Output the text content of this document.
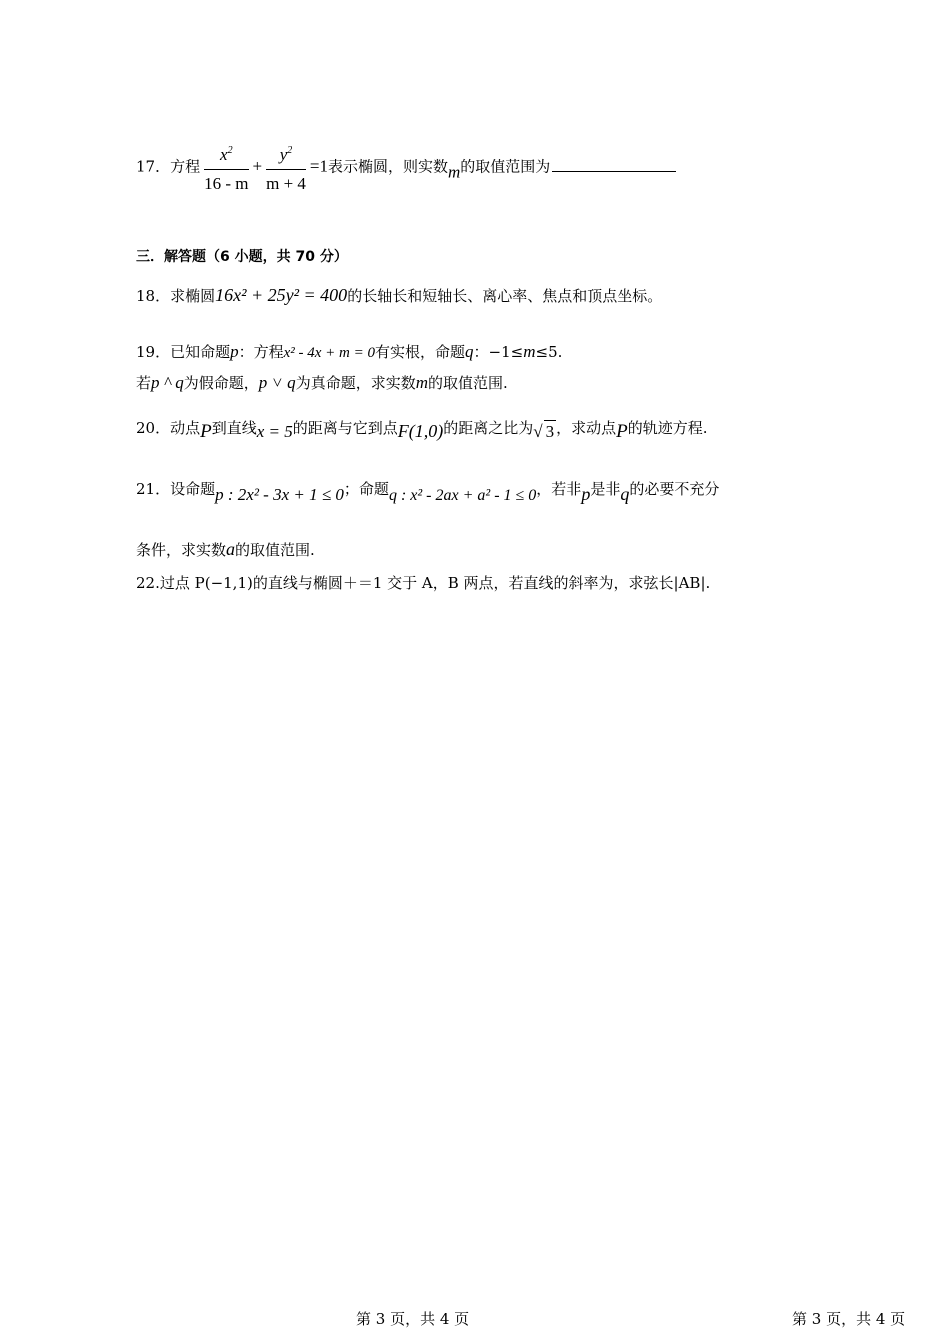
17．方程 $\frac{x^2}{16 - m} + \frac{y^2}{m + 4} =1$表示椭圆，则实数m的取值范围为
三．解答题（6 小题，共 70 分）
18．求椭圆16x² + 25y² = 400的长轴长和短轴长、离心率、焦点和顶点坐标。
19．已知命题p：方程x² - 4x + m = 0有实根，命题q：−1≤m≤5.
若p ^ q为假命题，p ˅ q为真命题，求实数m的取值范围.
20．动点P到直线x = 5的距离与它到点F(1,0)的距离之比为√ 3 ，求动点P的轨迹方程.
21．设命题p : 2x² - 3x + 1 ≤ 0；命题q : x² - 2ax + a² - 1 ≤ 0，若非p是非q的必要不充分
条件，求实数a的取值范围.
22.过点 P(−1,1)的直线与椭圆＋＝1 交于 A，B 两点，若直线的斜率为，求弦长|AB|.
第 3 页，共 4 页	第 3 页，共 4 页
